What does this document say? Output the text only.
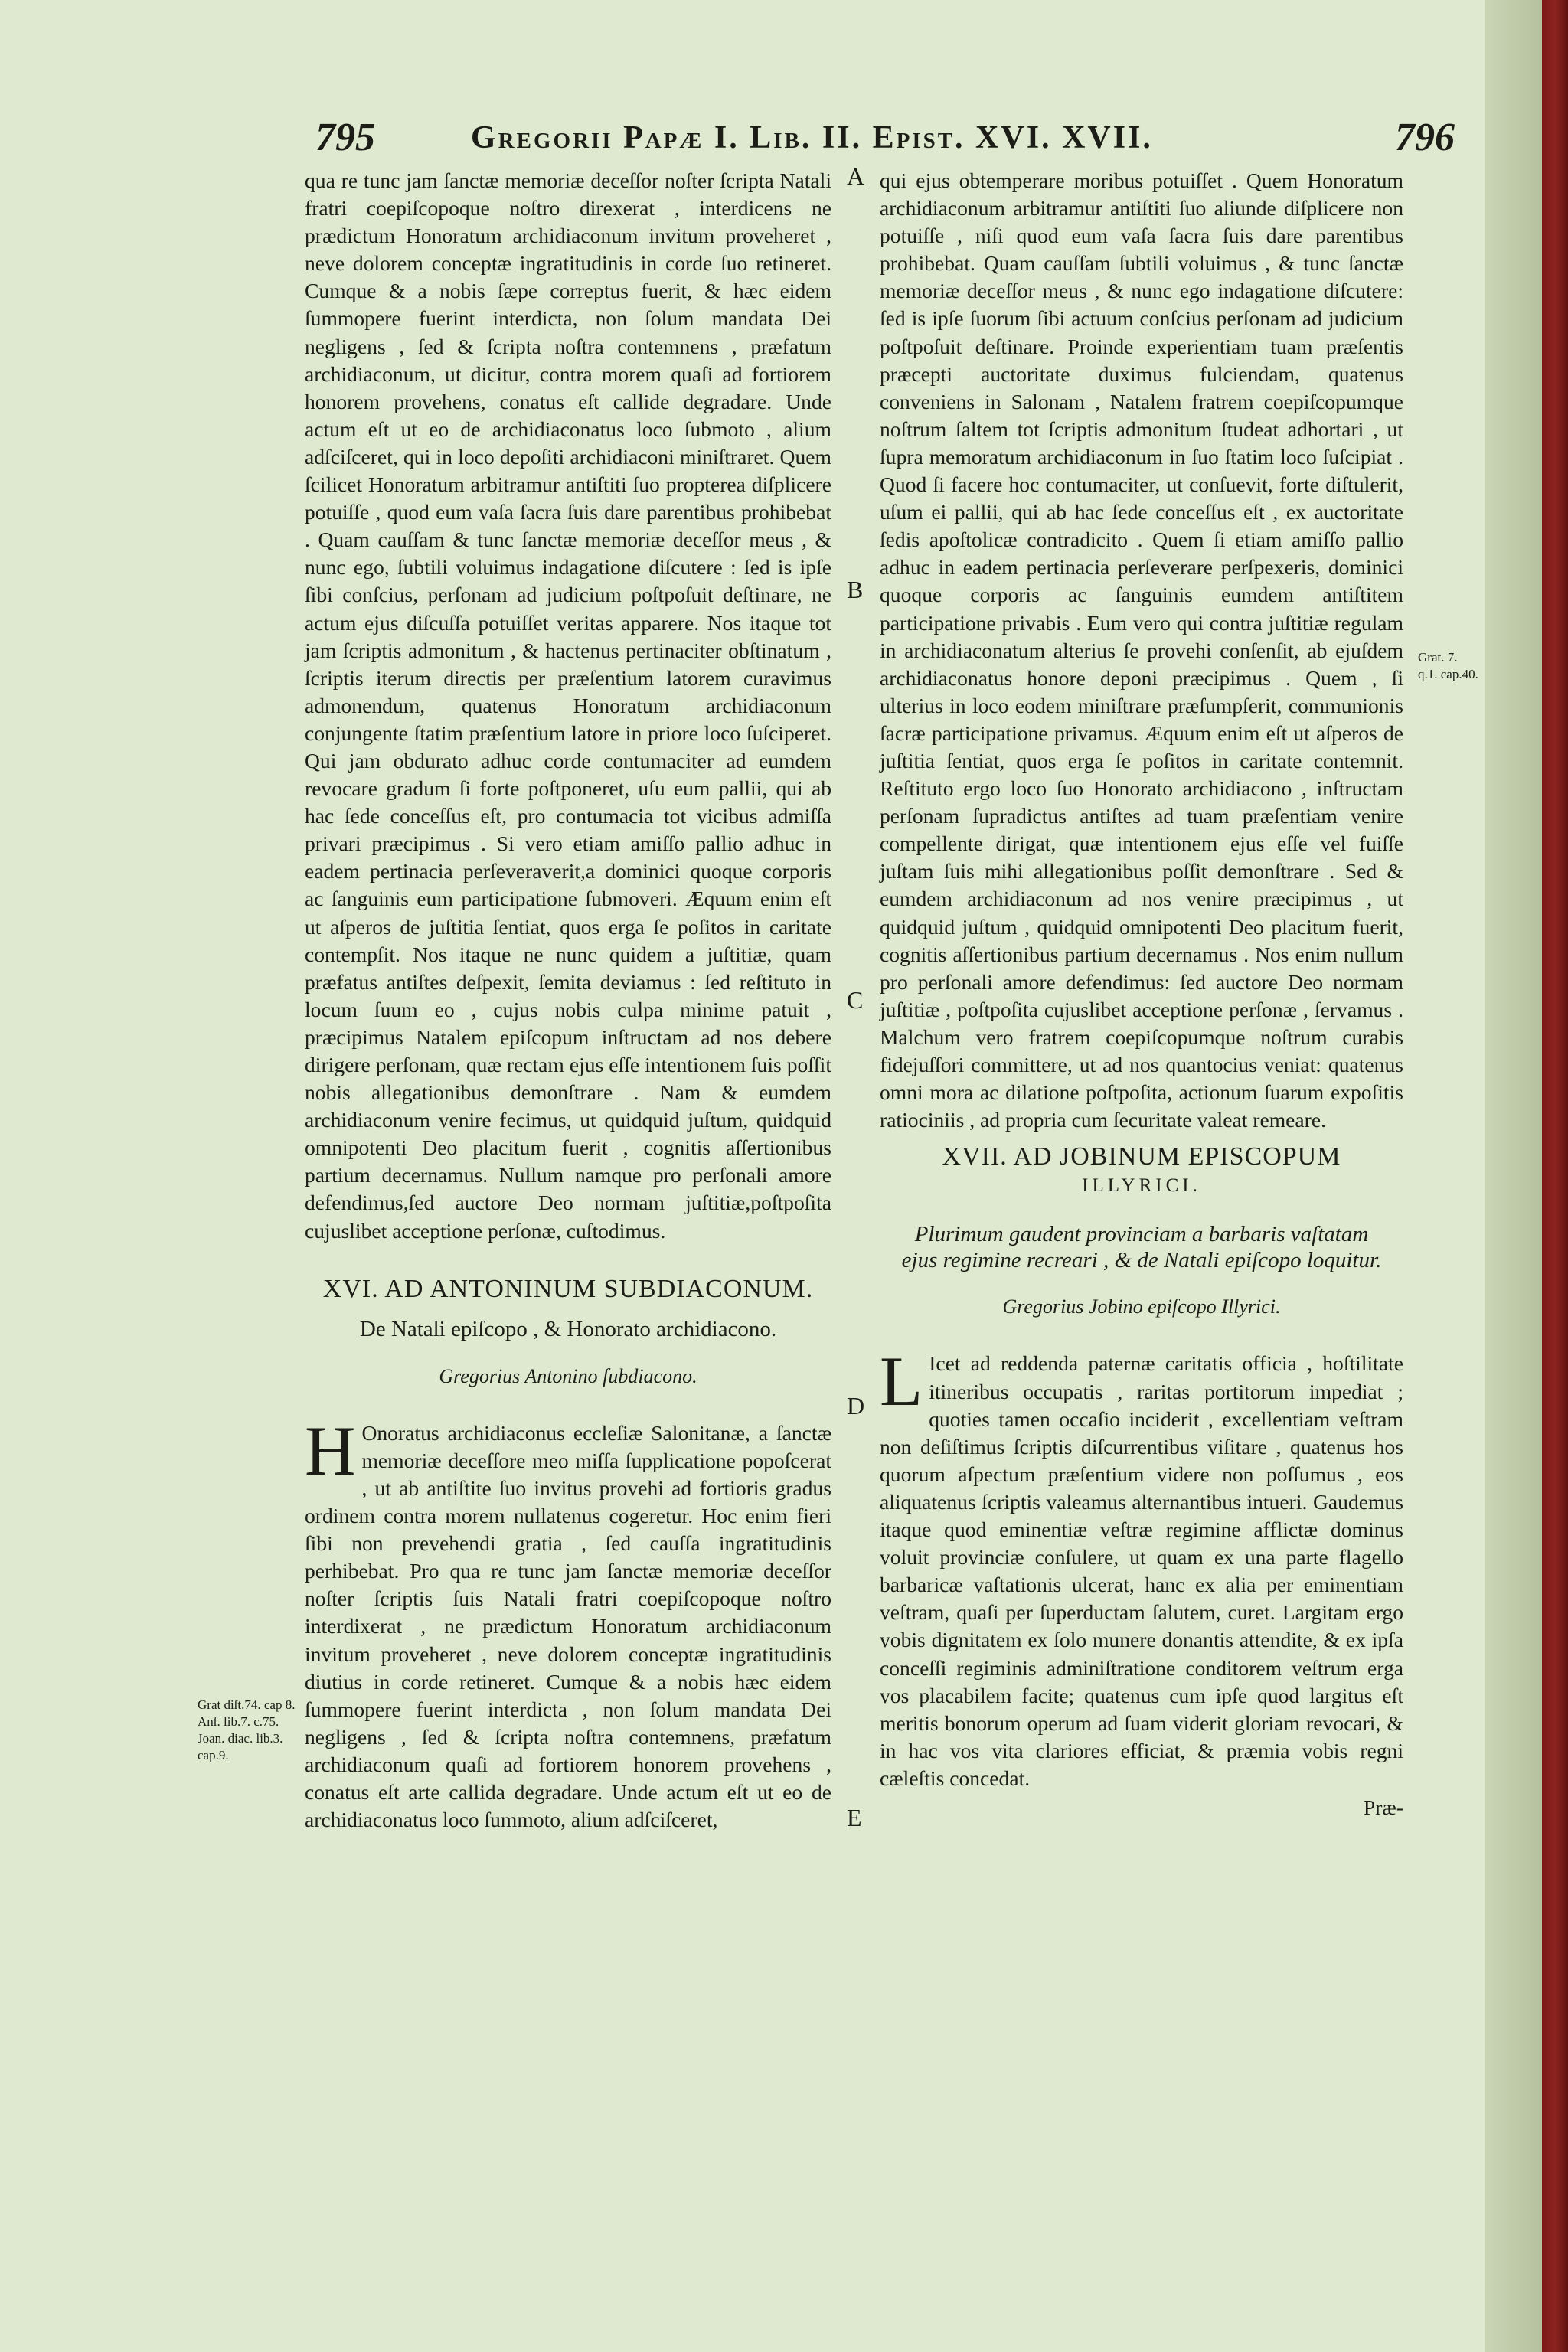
795	Gregorii Papæ I. Lib. II. Epist. XVI. XVII.	796

qua re tunc jam ſanctæ memoriæ deceſſor noſter ſcripta Natali fratri coepiſcopoque noſtro direxerat , interdicens ne prædictum Honoratum archidiaconum invitum proveheret , neve dolorem conceptæ ingratitudinis in corde ſuo retineret. Cumque & a nobis ſæpe correptus fuerit, & hæc eidem ſummopere fuerint interdicta, non ſolum mandata Dei negligens , ſed & ſcripta noſtra contemnens , præfatum archidiaconum, ut dicitur, contra morem quaſi ad fortiorem honorem provehens, conatus eſt callide degradare. Unde actum eſt ut eo de archidiaconatus loco ſubmoto , alium adſciſceret, qui in loco depoſiti archidiaconi miniſtraret. Quem ſcilicet Honoratum arbitramur antiſtiti ſuo propterea diſplicere potuiſſe , quod eum vaſa ſacra ſuis dare parentibus prohibebat . Quam cauſſam & tunc ſanctæ memoriæ deceſſor meus , & nunc ego, ſubtili voluimus indagatione diſcutere : ſed is ipſe ſibi conſcius, perſonam ad judicium poſtpoſuit deſtinare, ne actum ejus diſcuſſa potuiſſet veritas apparere. Nos itaque tot jam ſcriptis admonitum , & hactenus pertinaciter obſtinatum , ſcriptis iterum directis per præſentium latorem curavimus admonendum, quatenus Honoratum archidiaconum conjungente ſtatim præſentium latore in priore loco ſuſciperet. Qui jam obdurato adhuc corde contumaciter ad eumdem revocare gradum ſi forte poſtponeret, uſu eum pallii, qui ab hac ſede conceſſus eſt, pro contumacia tot vicibus admiſſa privari præcipimus . Si vero etiam amiſſo pallio adhuc in eadem pertinacia perſeveraverit,a dominici quoque corporis ac ſanguinis eum participatione ſubmoveri. Æquum enim eſt ut aſperos de juſtitia ſentiat, quos erga ſe poſitos in caritate contempſit. Nos itaque ne nunc quidem a juſtitiæ, quam præfatus antiſtes deſpexit, ſemita deviamus : ſed reſtituto in locum ſuum eo , cujus nobis culpa minime patuit , præcipimus Natalem epiſcopum inſtructam ad nos debere dirigere perſonam, quæ rectam ejus eſſe intentionem ſuis poſſit nobis allegationibus demonſtrare . Nam & eumdem archidiaconum venire fecimus, ut quidquid juſtum, quidquid omnipotenti Deo placitum fuerit , cognitis aſſertionibus partium decernamus. Nullum namque pro perſonali amore defendimus,ſed auctore Deo normam juſtitiæ,poſtpoſita cujuslibet acceptione perſonæ, cuſtodimus.

XVI. AD ANTONINUM SUBDIACONUM.
De Natali epiſcopo , & Honorato archidiacono.
Gregorius Antonino ſubdiacono.

H Onoratus archidiaconus eccleſiæ Salonitanæ, a ſanctæ memoriæ deceſſore meo miſſa ſupplicatione popoſcerat , ut ab antiſtite ſuo invitus provehi ad fortioris gradus ordinem contra morem nullatenus cogeretur. Hoc enim fieri ſibi non prevehendi gratia , ſed cauſſa ingratitudinis perhibebat. Pro qua re tunc jam ſanctæ memoriæ deceſſor noſter ſcriptis ſuis Natali fratri coepiſcopoque noſtro interdixerat , ne prædictum Honoratum archidiaconum invitum proveheret , neve dolorem conceptæ ingratitudinis diutius in corde retineret. Cumque & a nobis hæc eidem ſummopere fuerint interdicta , non ſolum mandata Dei negligens , ſed & ſcripta noſtra contemnens, præfatum archidiaconum quaſi ad fortiorem honorem provehens , conatus eſt arte callida degradare. Unde actum eſt ut eo de archidiaconatus loco ſummoto, alium adſciſceret,

qui ejus obtemperare moribus potuiſſet . Quem Honoratum archidiaconum arbitramur antiſtiti ſuo aliunde diſplicere non potuiſſe , niſi quod eum vaſa ſacra ſuis dare parentibus prohibebat. Quam cauſſam ſubtili voluimus , & tunc ſanctæ memoriæ deceſſor meus , & nunc ego indagatione diſcutere: ſed is ipſe ſuorum ſibi actuum conſcius perſonam ad judicium poſtpoſuit deſtinare. Proinde experientiam tuam præſentis præcepti auctoritate duximus fulciendam, quatenus conveniens in Salonam , Natalem fratrem coepiſcopumque noſtrum ſaltem tot ſcriptis admonitum ſtudeat adhortari , ut ſupra memoratum archidiaconum in ſuo ſtatim loco ſuſcipiat . Quod ſi facere hoc contumaciter, ut conſuevit, forte diſtulerit, uſum ei pallii, qui ab hac ſede conceſſus eſt , ex auctoritate ſedis apoſtolicæ contradicito . Quem ſi etiam amiſſo pallio adhuc in eadem pertinacia perſeverare perſpexeris, dominici quoque corporis ac ſanguinis eumdem antiſtitem participatione privabis . Eum vero qui contra juſtitiæ regulam in archidiaconatum alterius ſe provehi conſenſit, ab ejuſdem archidiaconatus honore deponi præcipimus . Quem , ſi ulterius in loco eodem miniſtrare præſumpſerit, communionis ſacræ participatione privamus. Æquum enim eſt ut aſperos de juſtitia ſentiat, quos erga ſe poſitos in caritate contemnit. Reſtituto ergo loco ſuo Honorato archidiacono , inſtructam perſonam ſupradictus antiſtes ad tuam præſentiam venire compellente dirigat, quæ intentionem ejus eſſe vel fuiſſe juſtam ſuis mihi allegationibus poſſit demonſtrare . Sed & eumdem archidiaconum ad nos venire præcipimus , ut quidquid juſtum , quidquid omnipotenti Deo placitum fuerit, cognitis aſſertionibus partium decernamus . Nos enim nullum pro perſonali amore defendimus: ſed auctore Deo normam juſtitiæ , poſtpoſita cujuslibet acceptione perſonæ , ſervamus . Malchum vero fratrem coepiſcopumque noſtrum curabis fidejuſſori committere, ut ad nos quantocius veniat: quatenus omni mora ac dilatione poſtpoſita, actionum ſuarum expoſitis ratiociniis , ad propria cum ſecuritate valeat remeare.

XVII. AD JOBINUM EPISCOPUM
ILLYRICI.
Plurimum gaudent provinciam a barbaris vaſtatam ejus regimine recreari , & de Natali epiſcopo loquitur.
Gregorius Jobino epiſcopo Illyrici.

L Icet ad reddenda paternæ caritatis officia , hoſtilitate itineribus occupatis , raritas portitorum impediat ; quoties tamen occaſio inciderit , excellentiam veſtram non deſiſtimus ſcriptis diſcurrentibus viſitare , quatenus hos quorum aſpectum præſentium videre non poſſumus , eos aliquatenus ſcriptis valeamus alternantibus intueri. Gaudemus itaque quod eminentiæ veſtræ regimine afflictæ dominus voluit provinciæ conſulere, ut quam ex una parte flagello barbaricæ vaſtationis ulcerat, hanc ex alia per eminentiam veſtram, quaſi per ſuperductam ſalutem, curet. Largitam ergo vobis dignitatem ex ſolo munere donantis attendite, & ex ipſa conceſſi regiminis adminiſtratione conditorem veſtrum erga vos placabilem facite; quatenus cum ipſe quod largitus eſt meritis bonorum operum ad ſuam viderit gloriam revocari, & in hac vos vita clariores efficiat, & præmia vobis regni cæleſtis concedat.

Præ-
A
B
C
D
E
Grat diſt.74. cap 8. Anſ. lib.7. c.75. Joan. diac. lib.3. cap.9.
Grat. 7. q.1. cap.40.
